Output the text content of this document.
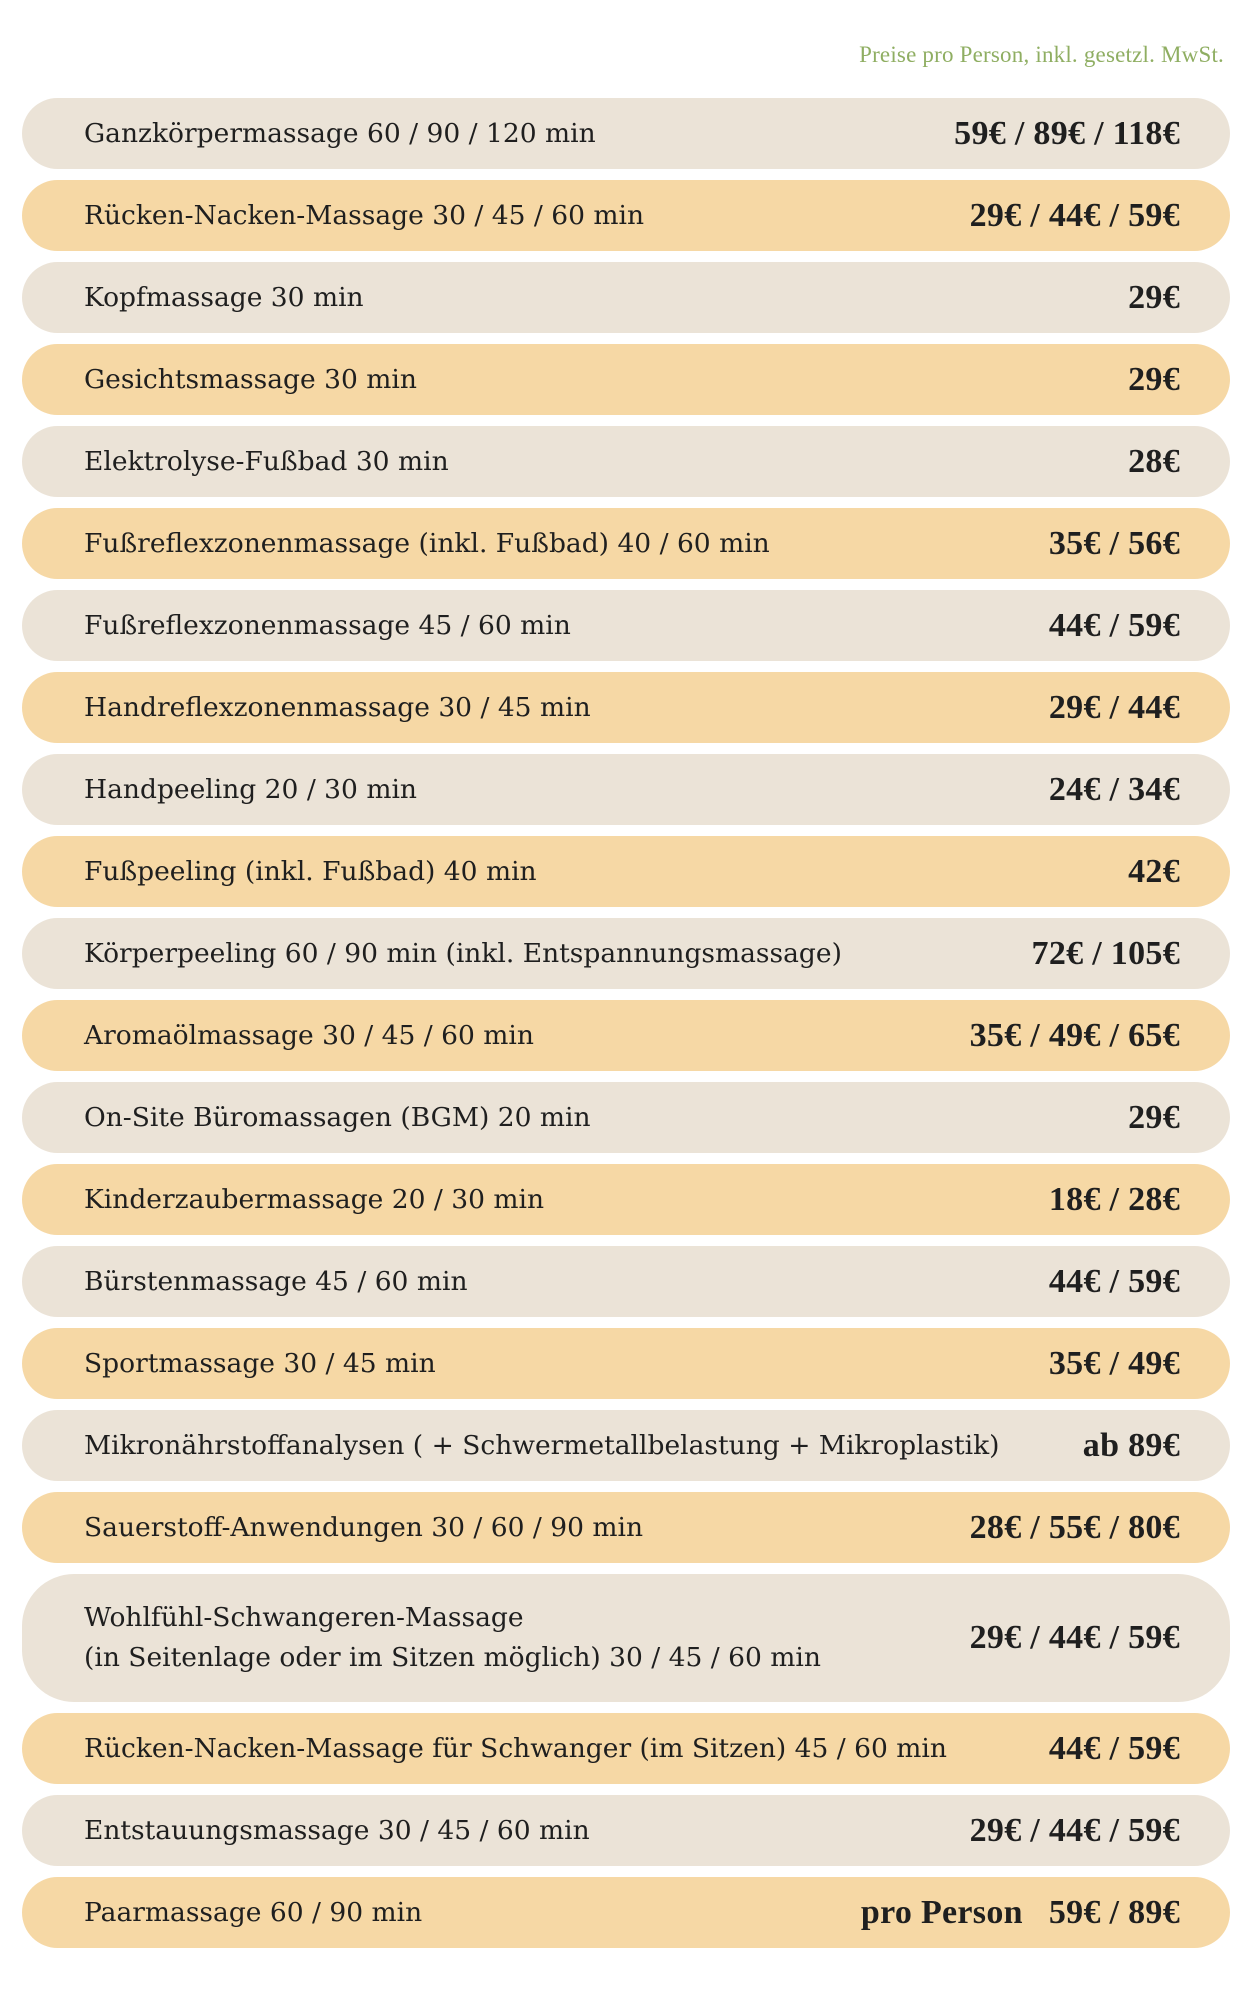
Preise pro Person, inkl. gesetzl. MwSt.
Ganzkörpermassage 60 / 90 / 120 min	59€ / 89€ / 118€
Rücken-Nacken-Massage 30 / 45 / 60 min	29€ / 44€ / 59€
Kopfmassage 30 min	29€
Gesichtsmassage 30 min	29€
Elektrolyse-Fußbad 30 min	28€
Fußreflexzonenmassage (inkl. Fußbad) 40 / 60 min	35€ / 56€
Fußreflexzonenmassage 45 / 60 min	44€ / 59€
Handreflexzonenmassage 30 / 45 min	29€ / 44€
Handpeeling 20 / 30 min	24€ / 34€
Fußpeeling (inkl. Fußbad) 40 min	42€
Körperpeeling 60 / 90 min (inkl. Entspannungsmassage)	72€ / 105€
Aromaölmassage 30 / 45 / 60 min	35€ / 49€ / 65€
On-Site Büromassagen (BGM) 20 min	29€
Kinderzaubermassage 20 / 30 min	18€ / 28€
Bürstenmassage 45 / 60 min	44€ / 59€
Sportmassage 30 / 45 min	35€ / 49€
Mikronährstoffanalysen ( + Schwermetallbelastung + Mikroplastik) ab 89€
Sauerstoff-Anwendungen 30 / 60 / 90 min	28€ / 55€ / 80€
Wohlfühl-Schwangeren-Massage
(in Seitenlage oder im Sitzen möglich) 30 / 45 / 60 min
29€ / 44€ / 59€
Rücken-Nacken-Massage für Schwanger (im Sitzen) 45 / 60 min	44€ / 59€
Entstauungsmassage 30 / 45 / 60 min	29€ / 44€ / 59€
Paarmassage 60 / 90 min	pro Person 59€ / 89€
